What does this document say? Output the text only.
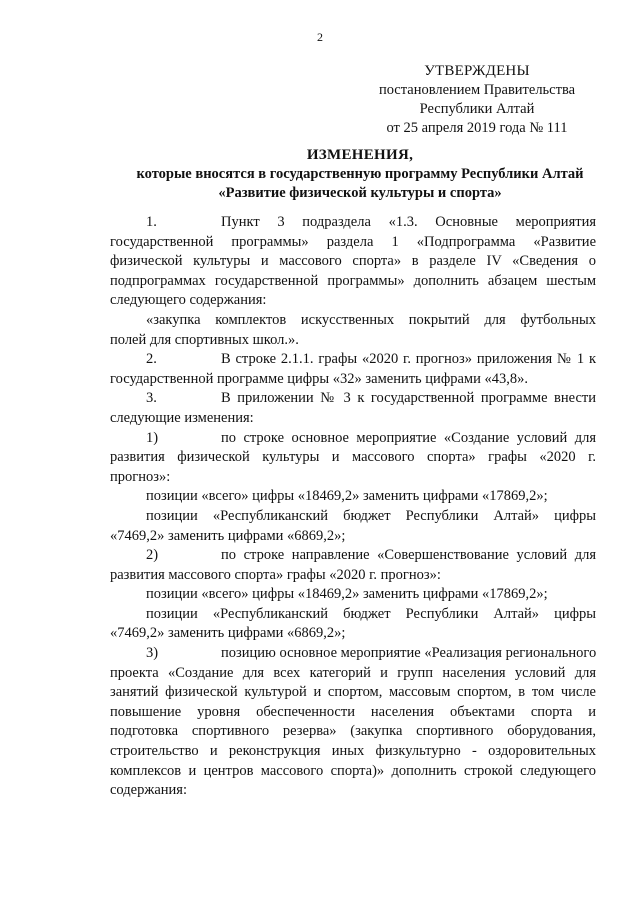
2
УТВЕРЖДЕНЫ
постановлением Правительства
Республики Алтай
от 25 апреля 2019 года № 111
ИЗМЕНЕНИЯ,
которые вносятся в государственную программу Республики Алтай
«Развитие физической культуры и спорта»

1.	Пункт 3 подраздела «1.3. Основные мероприятия

государственной программы» раздела 1 «Подпрограмма «Развитие

физической культуры и массового спорта» в разделе IV «Сведения о

подпрограммах государственной программы» дополнить абзацем шестым

следующего содержания:

«закупка комплектов искусственных покрытий для футбольных

полей для спортивных школ.».

2.	В строке 2.1.1. графы «2020 г. прогноз» приложения № 1 к

государственной программе цифры «32» заменить цифрами «43,8».

3.	В приложении № 3 к государственной программе внести

следующие изменения:

1)	по строке основное мероприятие «Создание условий для

развития физической культуры и массового спорта» графы «2020 г.

прогноз»:

позиции «всего» цифры «18469,2» заменить цифрами «17869,2»;

позиции «Республиканский бюджет Республики Алтай» цифры

«7469,2» заменить цифрами «6869,2»;

2)	по строке направление «Совершенствование условий для

развития массового спорта» графы «2020 г. прогноз»:

позиции «всего» цифры «18469,2» заменить цифрами «17869,2»;

позиции «Республиканский бюджет Республики Алтай» цифры

«7469,2» заменить цифрами «6869,2»;

3)	позицию основное мероприятие «Реализация регионального

проекта «Создание для всех категорий и групп населения условий для

занятий физической культурой и спортом, массовым спортом, в том числе

повышение уровня обеспеченности населения объектами спорта и

подготовка спортивного резерва» (закупка спортивного оборудования,

строительство и реконструкция иных физкультурно - оздоровительных

комплексов и центров массового спорта)» дополнить строкой следующего

содержания:
